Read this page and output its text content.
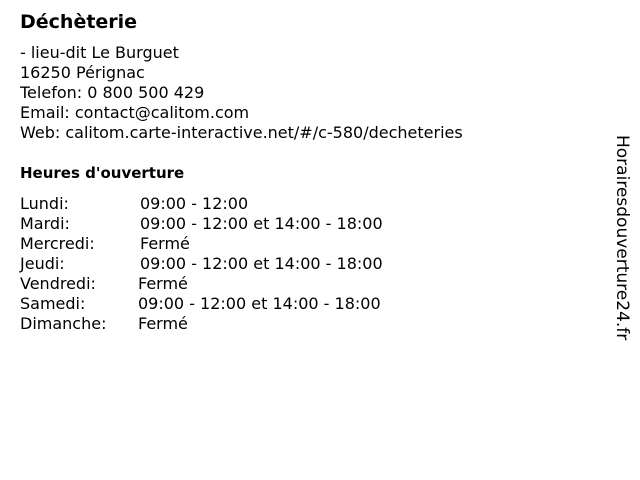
Déchèterie
- lieu-dit Le Burguet
16250 Pérignac
Telefon: 0 800 500 429
Email: contact@calitom.com
Web: calitom.carte-interactive.net/#/c-580/decheteries
Heures d'ouverture
Lundi:	09:00 - 12:00
Mardi:	09:00 - 12:00 et 14:00 - 18:00
Mercredi:	Fermé
Jeudi:	09:00 - 12:00 et 14:00 - 18:00
Vendredi:	Fermé
Samedi:	09:00 - 12:00 et 14:00 - 18:00
Dimanche: Fermé	Horairesdouverture24.fr
